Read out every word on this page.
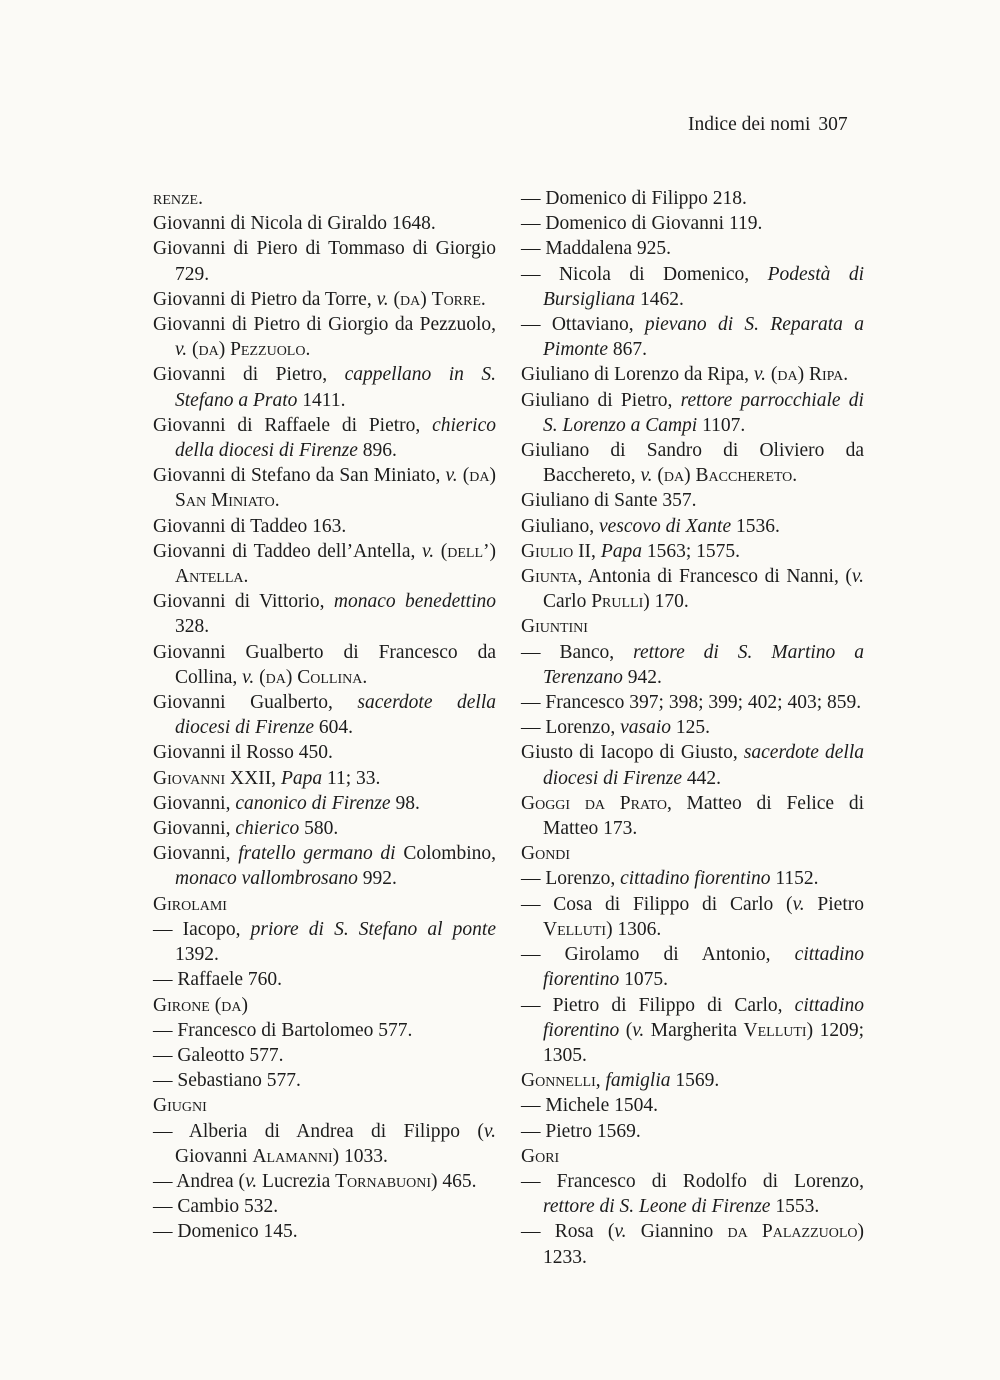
Indice dei nomi 307
renze.
Giovanni di Nicola di Giraldo 1648.
Giovanni di Piero di Tommaso di Giorgio 729.
Giovanni di Pietro da Torre, v. (da) Torre.
Giovanni di Pietro di Giorgio da Pezzuolo, v. (da) Pezzuolo.
Giovanni di Pietro, cappellano in S. Stefano a Prato 1411.
Giovanni di Raffaele di Pietro, chierico della diocesi di Firenze 896.
Giovanni di Stefano da San Miniato, v. (da) San Miniato.
Giovanni di Taddeo 163.
Giovanni di Taddeo dell’Antella, v. (dell’) Antella.
Giovanni di Vittorio, monaco benedettino 328.
Giovanni Gualberto di Francesco da Collina, v. (da) Collina.
Giovanni Gualberto, sacerdote della diocesi di Firenze 604.
Giovanni il Rosso 450.
Giovanni XXII, Papa 11; 33.
Giovanni, canonico di Firenze 98.
Giovanni, chierico 580.
Giovanni, fratello germano di Colombino, monaco vallombrosano 992.
Girolami
— Iacopo, priore di S. Stefano al ponte 1392.
— Raffaele 760.
Girone (da)
— Francesco di Bartolomeo 577.
— Galeotto 577.
— Sebastiano 577.
Giugni
— Alberia di Andrea di Filippo (v. Giovanni Alamanni) 1033.
— Andrea (v. Lucrezia Tornabuoni) 465.
— Cambio 532.
— Domenico 145.
— Domenico di Filippo 218.
— Domenico di Giovanni 119.
— Maddalena 925.
— Nicola di Domenico, Podestà di Bursigliana 1462.
— Ottaviano, pievano di S. Reparata a Pimonte 867.
Giuliano di Lorenzo da Ripa, v. (da) Ripa.
Giuliano di Pietro, rettore parrocchiale di S. Lorenzo a Campi 1107.
Giuliano di Sandro di Oliviero da Bacchereto, v. (da) Bacchereto.
Giuliano di Sante 357.
Giuliano, vescovo di Xante 1536.
Giulio II, Papa 1563; 1575.
Giunta, Antonia di Francesco di Nanni, (v. Carlo Prulli) 170.
Giuntini
— Banco, rettore di S. Martino a Terenzano 942.
— Francesco 397; 398; 399; 402; 403; 859.
— Lorenzo, vasaio 125.
Giusto di Iacopo di Giusto, sacerdote della diocesi di Firenze 442.
Goggi da Prato, Matteo di Felice di Matteo 173.
Gondi
— Lorenzo, cittadino fiorentino 1152.
— Cosa di Filippo di Carlo (v. Pietro Velluti) 1306.
— Girolamo di Antonio, cittadino fiorentino 1075.
— Pietro di Filippo di Carlo, cittadino fiorentino (v. Margherita Velluti) 1209; 1305.
Gonnelli, famiglia 1569.
— Michele 1504.
— Pietro 1569.
Gori
— Francesco di Rodolfo di Lorenzo, rettore di S. Leone di Firenze 1553.
— Rosa (v. Giannino da Palazzuolo) 1233.
